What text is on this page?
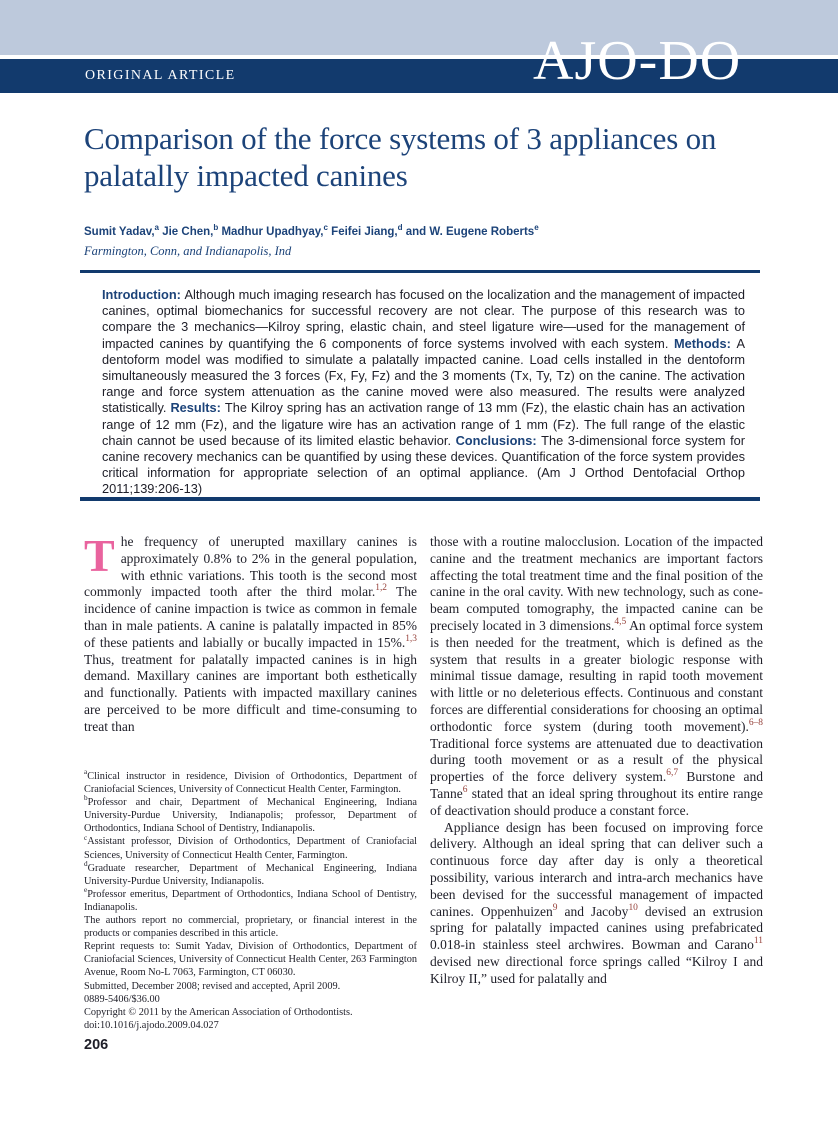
ORIGINAL ARTICLE	AJO-DO
Comparison of the force systems of 3 appliances on palatally impacted canines

Sumit Yadav,$^a$ Jie Chen,$^b$ Madhur Upadhyay,$^c$ Feifei Jiang,$^d$ and W. Eugene Roberts$^e$

Farmington, Conn, and Indianapolis, Ind

Introduction: Although much imaging research has focused on the localization and the management of impacted canines, optimal biomechanics for successful recovery are not clear. The purpose of this research was to compare the 3 mechanics—Kilroy spring, elastic chain, and steel ligature wire—used for the management of impacted canines by quantifying the 6 components of force systems involved with each system. Methods: A dentoform model was modified to simulate a palatally impacted canine. Load cells installed in the dentoform simultaneously measured the 3 forces (Fx, Fy, Fz) and the 3 moments (Tx, Ty, Tz) on the canine. The activation range and force system attenuation as the canine moved were also measured. The results were analyzed statistically. Results: The Kilroy spring has an activation range of 13 mm (Fz), the elastic chain has an activation range of 12 mm (Fz), and the ligature wire has an activation range of 1 mm (Fz). The full range of the elastic chain cannot be used because of its limited elastic behavior. Conclusions: The 3-dimensional force system for canine recovery mechanics can be quantified by using these devices. Quantification of the force system provides critical information for appropriate selection of an optimal appliance. (Am J Orthod Dentofacial Orthop 2011;139:206-13)
The frequency of unerupted maxillary canines is approximately 0.8% to 2% in the general population, with ethnic variations. This tooth is the second most commonly impacted tooth after the third molar.$^{1,2}$ The incidence of canine impaction is twice as common in female than in male patients. A canine is palatally impacted in 85% of these patients and labially or bucally impacted in 15%.$^{1,3}$ Thus, treatment for palatally impacted canines is in high demand. Maxillary canines are important both esthetically and functionally. Patients with impacted maxillary canines are perceived to be more difficult and time-consuming to treat than

those with a routine malocclusion. Location of the impacted canine and the treatment mechanics are important factors affecting the total treatment time and the final position of the canine in the oral cavity. With new technology, such as cone-beam computed tomography, the impacted canine can be precisely located in 3 dimensions.$^{4,5}$ An optimal force system is then needed for the treatment, which is defined as the system that results in a greater biologic response with minimal tissue damage, resulting in rapid tooth movement with little or no deleterious effects. Continuous and constant forces are differential considerations for choosing an optimal orthodontic force system (during tooth movement).$^{6-8}$ Traditional force systems are attenuated due to deactivation during tooth movement or as a result of the physical properties of the force delivery system.$^{6,7}$ Burstone and Tanne$^6$ stated that an ideal spring throughout its entire range of deactivation should produce a constant force.

Appliance design has been focused on improving force delivery. Although an ideal spring that can deliver such a continuous force day after day is only a theoretical possibility, various interarch and intra-arch mechanics have been devised for the successful management of impacted canines. Oppenhuizen$^9$ and Jacoby$^{10}$ devised an extrusion spring for palatally impacted canines using prefabricated 0.018-in stainless steel archwires. Bowman and Carano$^{11}$ devised new directional force springs called “Kilroy I and Kilroy II,” used for palatally and

$^a$Clinical instructor in residence, Division of Orthodontics, Department of Craniofacial Sciences, University of Connecticut Health Center, Farmington.

$^b$Professor and chair, Department of Mechanical Engineering, Indiana University-Purdue University, Indianapolis; professor, Department of Orthodontics, Indiana School of Dentistry, Indianapolis.

$^c$Assistant professor, Division of Orthodontics, Department of Craniofacial Sciences, University of Connecticut Health Center, Farmington.

$^d$Graduate researcher, Department of Mechanical Engineering, Indiana University-Purdue University, Indianapolis.

$^e$Professor emeritus, Department of Orthodontics, Indiana School of Dentistry, Indianapolis.

The authors report no commercial, proprietary, or financial interest in the products or companies described in this article.

Reprint requests to: Sumit Yadav, Division of Orthodontics, Department of Craniofacial Sciences, University of Connecticut Health Center, 263 Farmington Avenue, Room No-L 7063, Farmington, CT 06030.

Submitted, December 2008; revised and accepted, April 2009.

0889-5406/$36.00

Copyright © 2011 by the American Association of Orthodontists.

doi:10.1016/j.ajodo.2009.04.027

206
